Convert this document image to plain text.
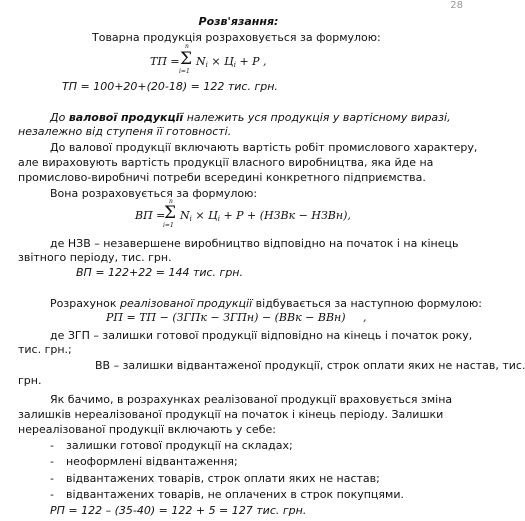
28
Розв'язання:
Товарна продукція розраховується за формулою:
ТП =
n
Σ
i=1
$N_i \times Ц_i + Р$ ,
ТП = 100+20+(20-18) = 122 тис. грн.
До валової продукції належить уся продукція у вартісному виразі,
незалежно від ступеня її готовності.
До валової продукції включають вартість робіт промислового характеру,
але вираховують вартість продукції власного виробництва, яка йде на
промислово-виробничі потреби всередині конкретного підприємства.
Вона розраховується за формулою:
ВП =
n
Σ
i=1
$N_i \times Ц_i + Р$ + (НЗВк − НЗВн),
де НЗВ – незавершене виробництво відповідно на початок і на кінець
звітного періоду, тис. грн.
ВП = 122+22 = 144 тис. грн.
Розрахунок реалізованої продукції відбувається за наступною формулою:
РП = ТП − (ЗГПк − ЗГПн) − (ВВк − ВВн) ,
де ЗГП – залишки готової продукції відповідно на кінець і початок року,
тис. грн.;
ВВ – залишки відвантаженої продукції, строк оплати яких не настав, тис.
грн.
Як бачимо, в розрахунках реалізованої продукції враховується зміна
залишків нереалізованої продукції на початок і кінець періоду. Залишки
нереалізованої продукції включають у себе:
- залишки готової продукції на складах;
- неоформлені відвантаження;
- відвантажених товарів, строк оплати яких не настав;
- відвантажених товарів, не оплачених в строк покупцями.
РП = 122 – (35-40) = 122 + 5 = 127 тис. грн.
